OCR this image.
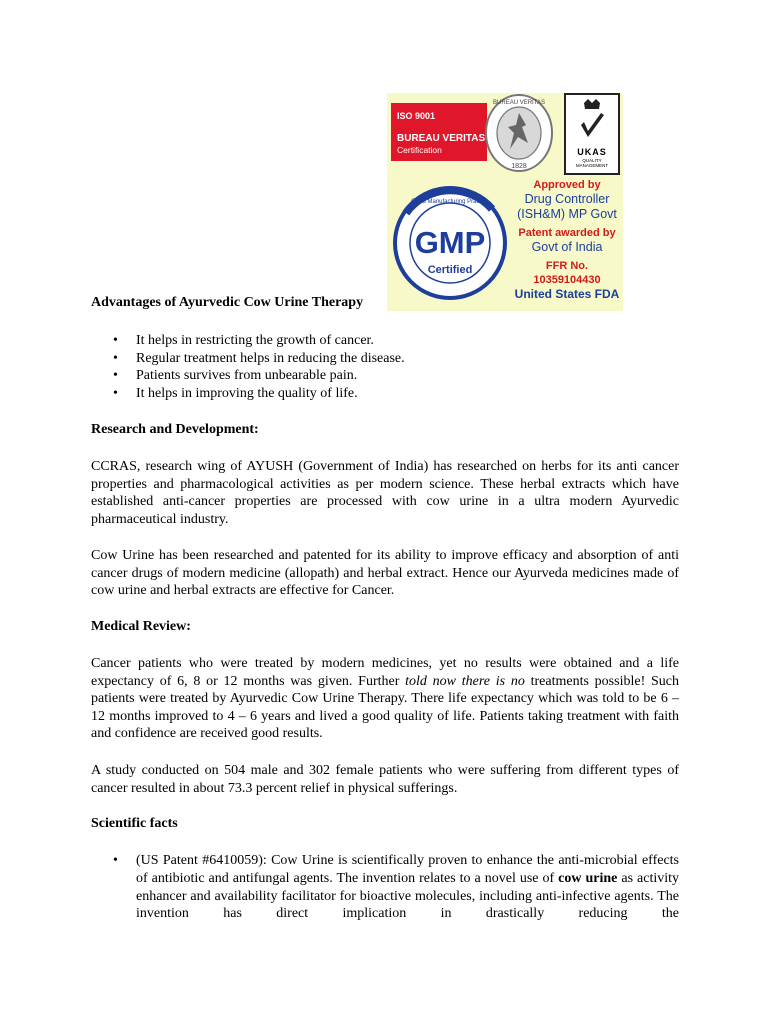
ISO 9001
BUREAU VERITAS
Certification
BUREAU VERITAS
1828
UKAS
QUALITY MANAGEMENT
Good Manufacturing Practice
GMP
Certified
Approved by
Drug Controller
(ISH&M) MP Govt
Patent awarded by
Govt of India
FFR No. 10359104430
United States FDA
Advantages of Ayurvedic Cow Urine Therapy
• It helps in restricting the growth of cancer.
• Regular treatment helps in reducing the disease.
• Patients survives from unbearable pain.
• It helps in improving the quality of life.
Research and Development:
CCRAS, research wing of AYUSH (Government of India) has researched on herbs for its anti cancer properties and pharmacological activities as per modern science. These herbal extracts which have established anti-cancer properties are processed with cow urine in a ultra modern Ayurvedic pharmaceutical industry.
Cow Urine has been researched and patented for its ability to improve efficacy and absorption of anti cancer drugs of modern medicine (allopath) and herbal extract. Hence our Ayurveda medicines made of cow urine and herbal extracts are effective for Cancer.
Medical Review:
Cancer patients who were treated by modern medicines, yet no results were obtained and a life expectancy of 6, 8 or 12 months was given. Further told now there is no treatments possible! Such patients were treated by Ayurvedic Cow Urine Therapy. There life expectancy which was told to be 6 – 12 months improved to 4 – 6 years and lived a good quality of life. Patients taking treatment with faith and confidence are received good results.
A study conducted on 504 male and 302 female patients who were suffering from different types of cancer resulted in about 73.3 percent relief in physical sufferings.
Scientific facts
• (US Patent #6410059): Cow Urine is scientifically proven to enhance the anti-microbial effects of antibiotic and antifungal agents. The invention relates to a novel use of cow urine as activity enhancer and availability facilitator for bioactive molecules, including anti-infective agents. The invention has direct implication in drastically reducing the
